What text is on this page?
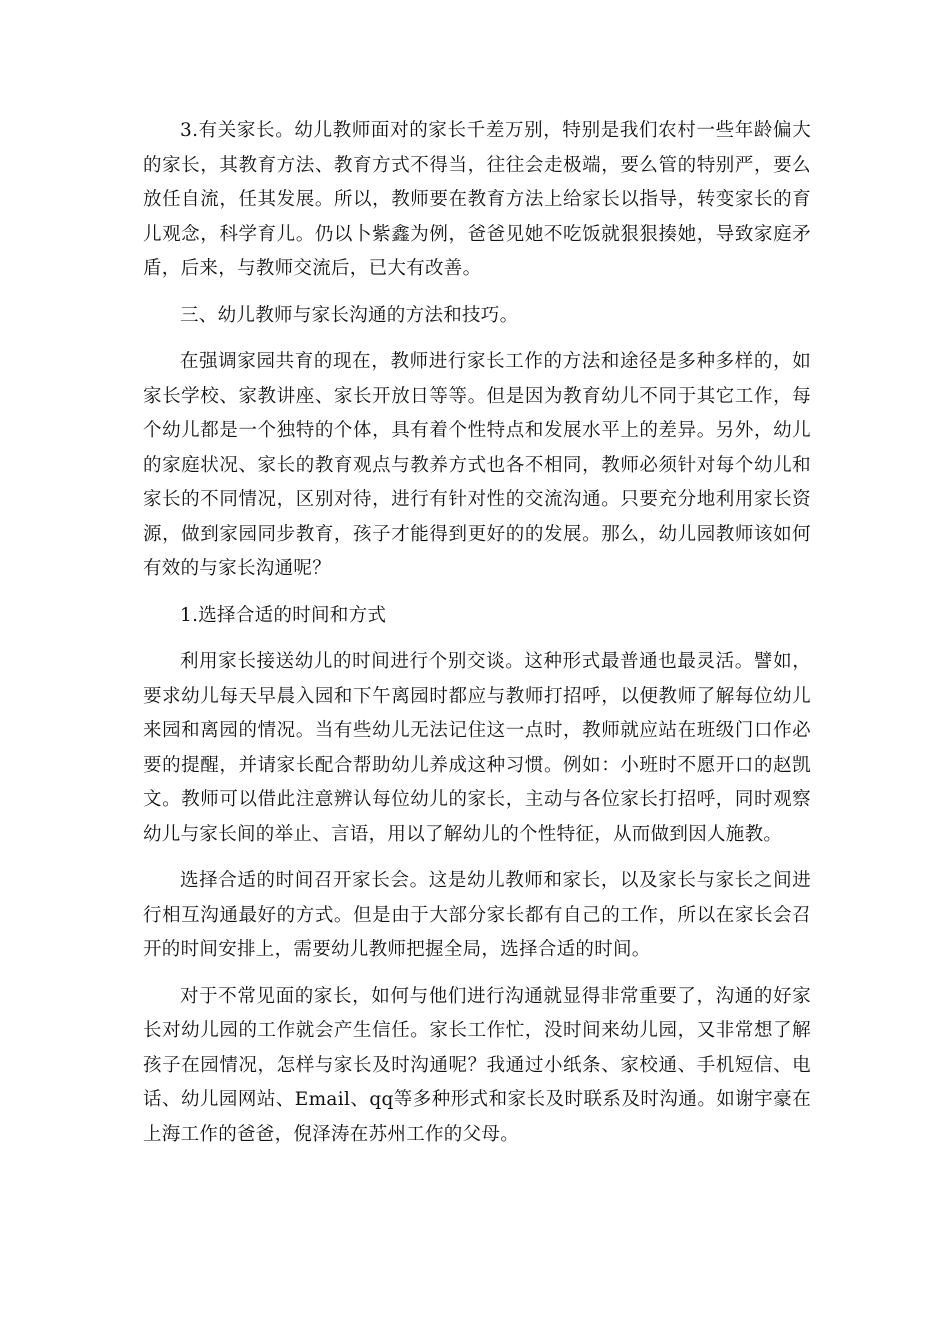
3.有关家长。幼儿教师面对的家长千差万别，特别是我们农村一些年龄偏大的家长，其教育方法、教育方式不得当，往往会走极端，要么管的特别严，要么放任自流，任其发展。所以，教师要在教育方法上给家长以指导，转变家长的育儿观念，科学育儿。仍以卜紫鑫为例，爸爸见她不吃饭就狠狠揍她，导致家庭矛盾，后来，与教师交流后，已大有改善。

三、幼儿教师与家长沟通的方法和技巧。

在强调家园共育的现在，教师进行家长工作的方法和途径是多种多样的，如家长学校、家教讲座、家长开放日等等。但是因为教育幼儿不同于其它工作，每个幼儿都是一个独特的个体，具有着个性特点和发展水平上的差异。另外，幼儿的家庭状况、家长的教育观点与教养方式也各不相同，教师必须针对每个幼儿和家长的不同情况，区别对待，进行有针对性的交流沟通。只要充分地利用家长资源，做到家园同步教育，孩子才能得到更好的的发展。那么，幼儿园教师该如何有效的与家长沟通呢？

1.选择合适的时间和方式

利用家长接送幼儿的时间进行个别交谈。这种形式最普通也最灵活。譬如，要求幼儿每天早晨入园和下午离园时都应与教师打招呼，以便教师了解每位幼儿来园和离园的情况。当有些幼儿无法记住这一点时，教师就应站在班级门口作必要的提醒，并请家长配合帮助幼儿养成这种习惯。例如：小班时不愿开口的赵凯文。教师可以借此注意辨认每位幼儿的家长，主动与各位家长打招呼，同时观察幼儿与家长间的举止、言语，用以了解幼儿的个性特征，从而做到因人施教。

选择合适的时间召开家长会。这是幼儿教师和家长，以及家长与家长之间进行相互沟通最好的方式。但是由于大部分家长都有自己的工作，所以在家长会召开的时间安排上，需要幼儿教师把握全局，选择合适的时间。

对于不常见面的家长，如何与他们进行沟通就显得非常重要了，沟通的好家长对幼儿园的工作就会产生信任。家长工作忙，没时间来幼儿园，又非常想了解孩子在园情况，怎样与家长及时沟通呢？我通过小纸条、家校通、手机短信、电话、幼儿园网站、Email、qq等多种形式和家长及时联系及时沟通。如谢宇豪在上海工作的爸爸，倪泽涛在苏州工作的父母。
